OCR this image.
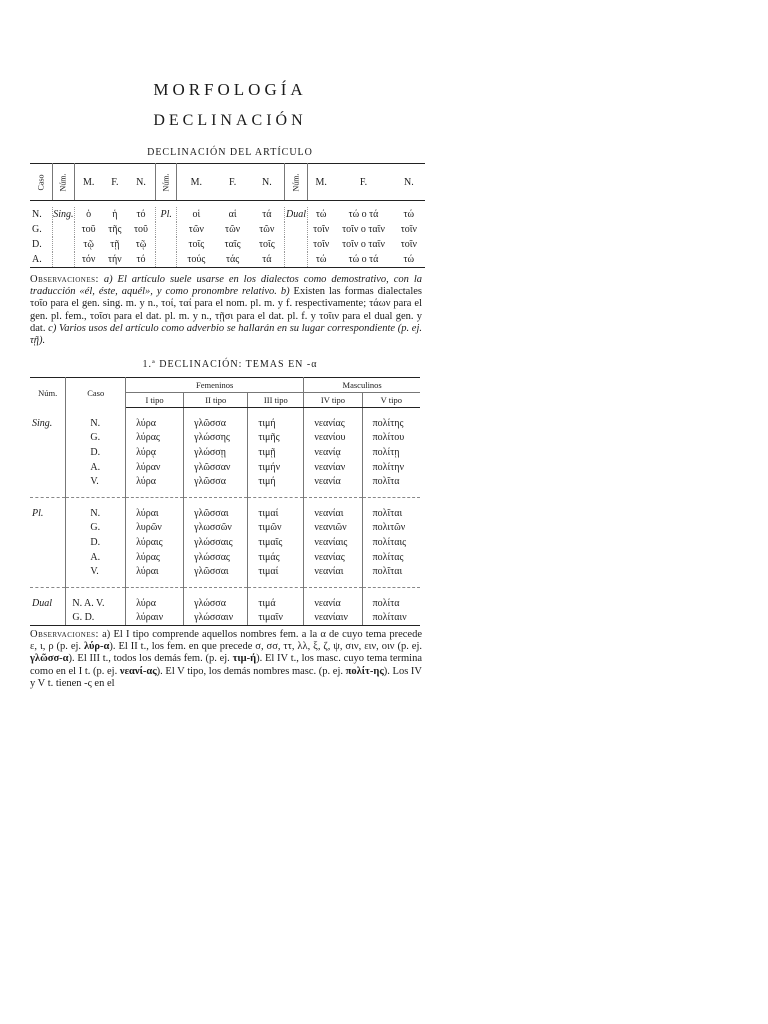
MORFOLOGÍA
DECLINACIÓN
DECLINACIÓN DEL ARTÍCULO
Caso	Núm.	M.	F.	N.	Núm.	M.	F.	N.	Núm.	M.	F.	N.

N.	Sing.	ὁ	ἡ	τό	Pl.	οἱ	αἱ	τά	Dual	τώ	τώ ο τά	τώ
G.		τοῦ	τῆς	τοῦ		τῶν	τῶν	τῶν		τοῖν	τοῖν ο ταῖν	τοῖν
D.		τῷ	τῇ	τῷ		τοῖς	ταῖς	τοῖς		τοῖν	τοῖν ο ταῖν	τοῖν
A.		τόν	τήν	τό		τούς	τάς	τά		τώ	τώ ο τά	τώ
Observaciones: a) El artículo suele usarse en los dialectos como demostrativo, con la traducción «él, éste, aquél», y como pronombre relativo. b) Existen las formas dialectales τοῖο para el gen. sing. m. y n., τοί, ταί para el nom. pl. m. y f. respectivamente; τάων para el gen. pl. fem., τοῖσι para el dat. pl. m. y n., τῇσι para el dat. pl. f. y τοῖιν para el dual gen. y dat. c) Varios usos del artículo como adverbio se hallarán en su lugar correspondiente (p. ej. τῇ).
1.ª DECLINACIÓN: TEMAS EN -α
Núm.	Caso	Femeninos			Masculinos	
		I tipo	II tipo	III tipo	IV tipo	V tipo

Sing.	N.	λύρα	γλῶσσα	τιμή	νεανίας	πολίτης
	G.	λύρας	γλώσσης	τιμῆς	νεανίου	πολίτου
	D.	λύρᾳ	γλώσσῃ	τιμῇ	νεανίᾳ	πολίτῃ
	A.	λύραν	γλῶσσαν	τιμήν	νεανίαν	πολίτην
	V.	λύρα	γλῶσσα	τιμή	νεανία	πολῖτα

Pl.	N.	λύραι	γλῶσσαι	τιμαί	νεανίαι	πολῖται
	G.	λυρῶν	γλωσσῶν	τιμῶν	νεανιῶν	πολιτῶν
	D.	λύραις	γλώσσαις	τιμαῖς	νεανίαις	πολίταις
	A.	λύρας	γλώσσας	τιμάς	νεανίας	πολίτας
	V.	λύραι	γλῶσσαι	τιμαί	νεανίαι	πολῖται

Dual	N. A. V.	λύρα	γλώσσα	τιμά	νεανία	πολίτα
	G. D.	λύραιν	γλώσσαιν	τιμαῖν	νεανίαιν	πολίταιν
Observaciones: a) El I tipo comprende aquellos nombres fem. a la α de cuyo tema precede ε, ι, ρ (p. ej. λύρ-α). El II t., los fem. en que precede σ, σσ, ττ, λλ, ξ, ζ, ψ, σιν, ειν, οιν (p. ej. γλῶσσ-α). El III t., todos los demás fem. (p. ej. τιμ-ή). El IV t., los masc. cuyo tema termina como en el I t. (p. ej. νεανί-ας). El V tipo, los demás nombres masc. (p. ej. πολίτ-ης). Los IV y V t. tienen -ς en el
